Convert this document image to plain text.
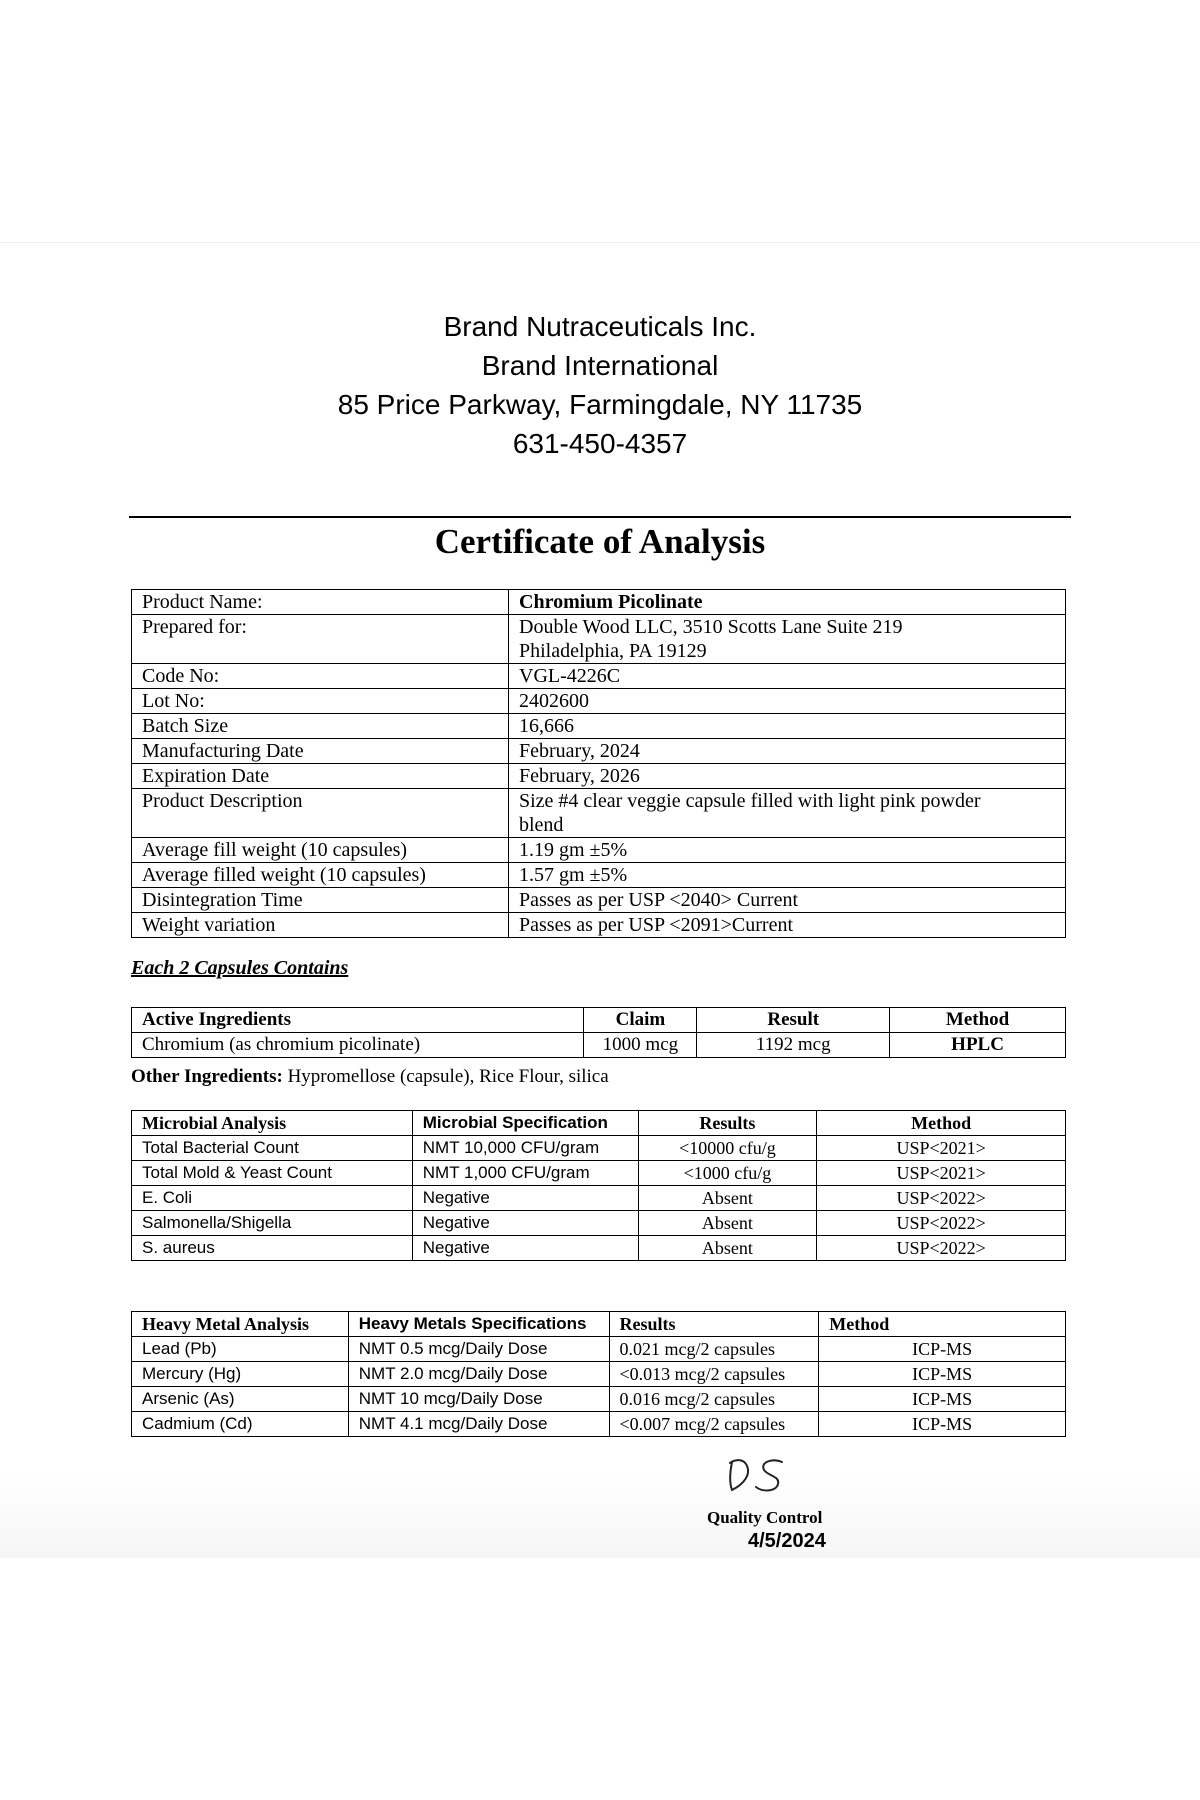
Brand Nutraceuticals Inc.
Brand International
85 Price Parkway, Farmingdale, NY 11735
631-450-4357
Certificate of Analysis
Product Name:	Chromium Picolinate

Prepared for:	Double Wood LLC, 3510 Scotts Lane Suite 219
Philadelphia, PA 19129

Code No:	VGL-4226C

Lot No:	2402600

Batch Size	16,666

Manufacturing Date	February, 2024

Expiration Date	February, 2026

Product Description	Size #4 clear veggie capsule filled with light pink powder
blend

Average fill weight (10 capsules)	1.19 gm ±5%

Average filled weight (10 capsules)	1.57 gm ±5%

Disintegration Time	Passes as per USP <2040> Current

Weight variation	Passes as per USP <2091>Current
Each 2 Capsules Contains
Active Ingredients	Claim	Result	Method
Chromium (as chromium picolinate)	1000 mcg	1192 mcg	HPLC
Other Ingredients: Hypromellose (capsule), Rice Flour, silica
Microbial Analysis	Microbial Specification	Results	Method
Total Bacterial Count	NMT 10,000 CFU/gram	<10000 cfu/g	USP<2021>
Total Mold & Yeast Count	NMT 1,000 CFU/gram	<1000 cfu/g	USP<2021>
E. Coli	Negative	Absent	USP<2022>
Salmonella/Shigella	Negative	Absent	USP<2022>
S. aureus	Negative	Absent	USP<2022>
Heavy Metal Analysis	Heavy Metals Specifications	Results	Method
Lead (Pb)	NMT 0.5 mcg/Daily Dose	0.021 mcg/2 capsules	ICP-MS
Mercury (Hg)	NMT 2.0 mcg/Daily Dose	<0.013 mcg/2 capsules	ICP-MS
Arsenic (As)	NMT 10 mcg/Daily Dose	0.016 mcg/2 capsules	ICP-MS
Cadmium (Cd)	NMT 4.1 mcg/Daily Dose	<0.007 mcg/2 capsules	ICP-MS
Quality Control
4/5/2024
